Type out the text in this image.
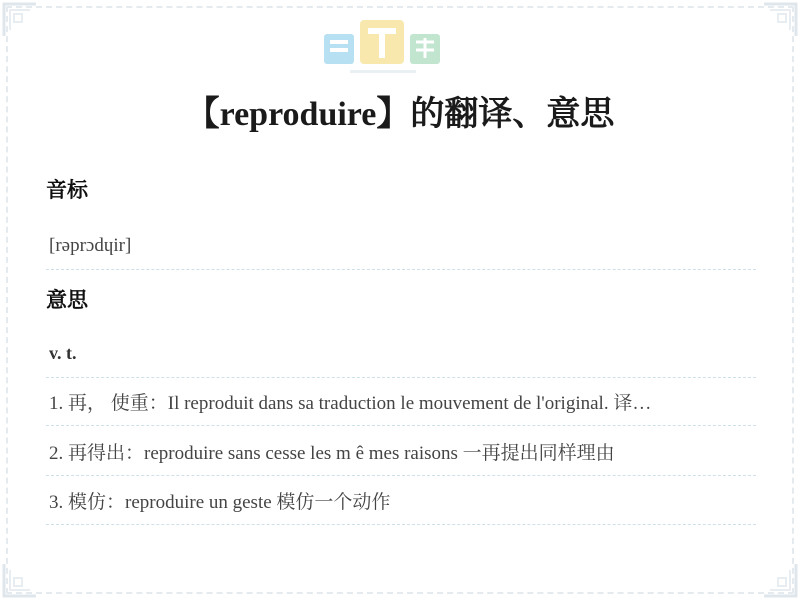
【reproduire】的翻译、意思
音标
[rəprɔdɥir]
意思
v. t.
1. 再， 使重：Il reproduit dans sa traduction le mouvement de l'original. 译…
2. 再得出：reproduire sans cesse les m ê mes raisons 一再提出同样理由
3. 模仿：reproduire un geste 模仿一个动作
